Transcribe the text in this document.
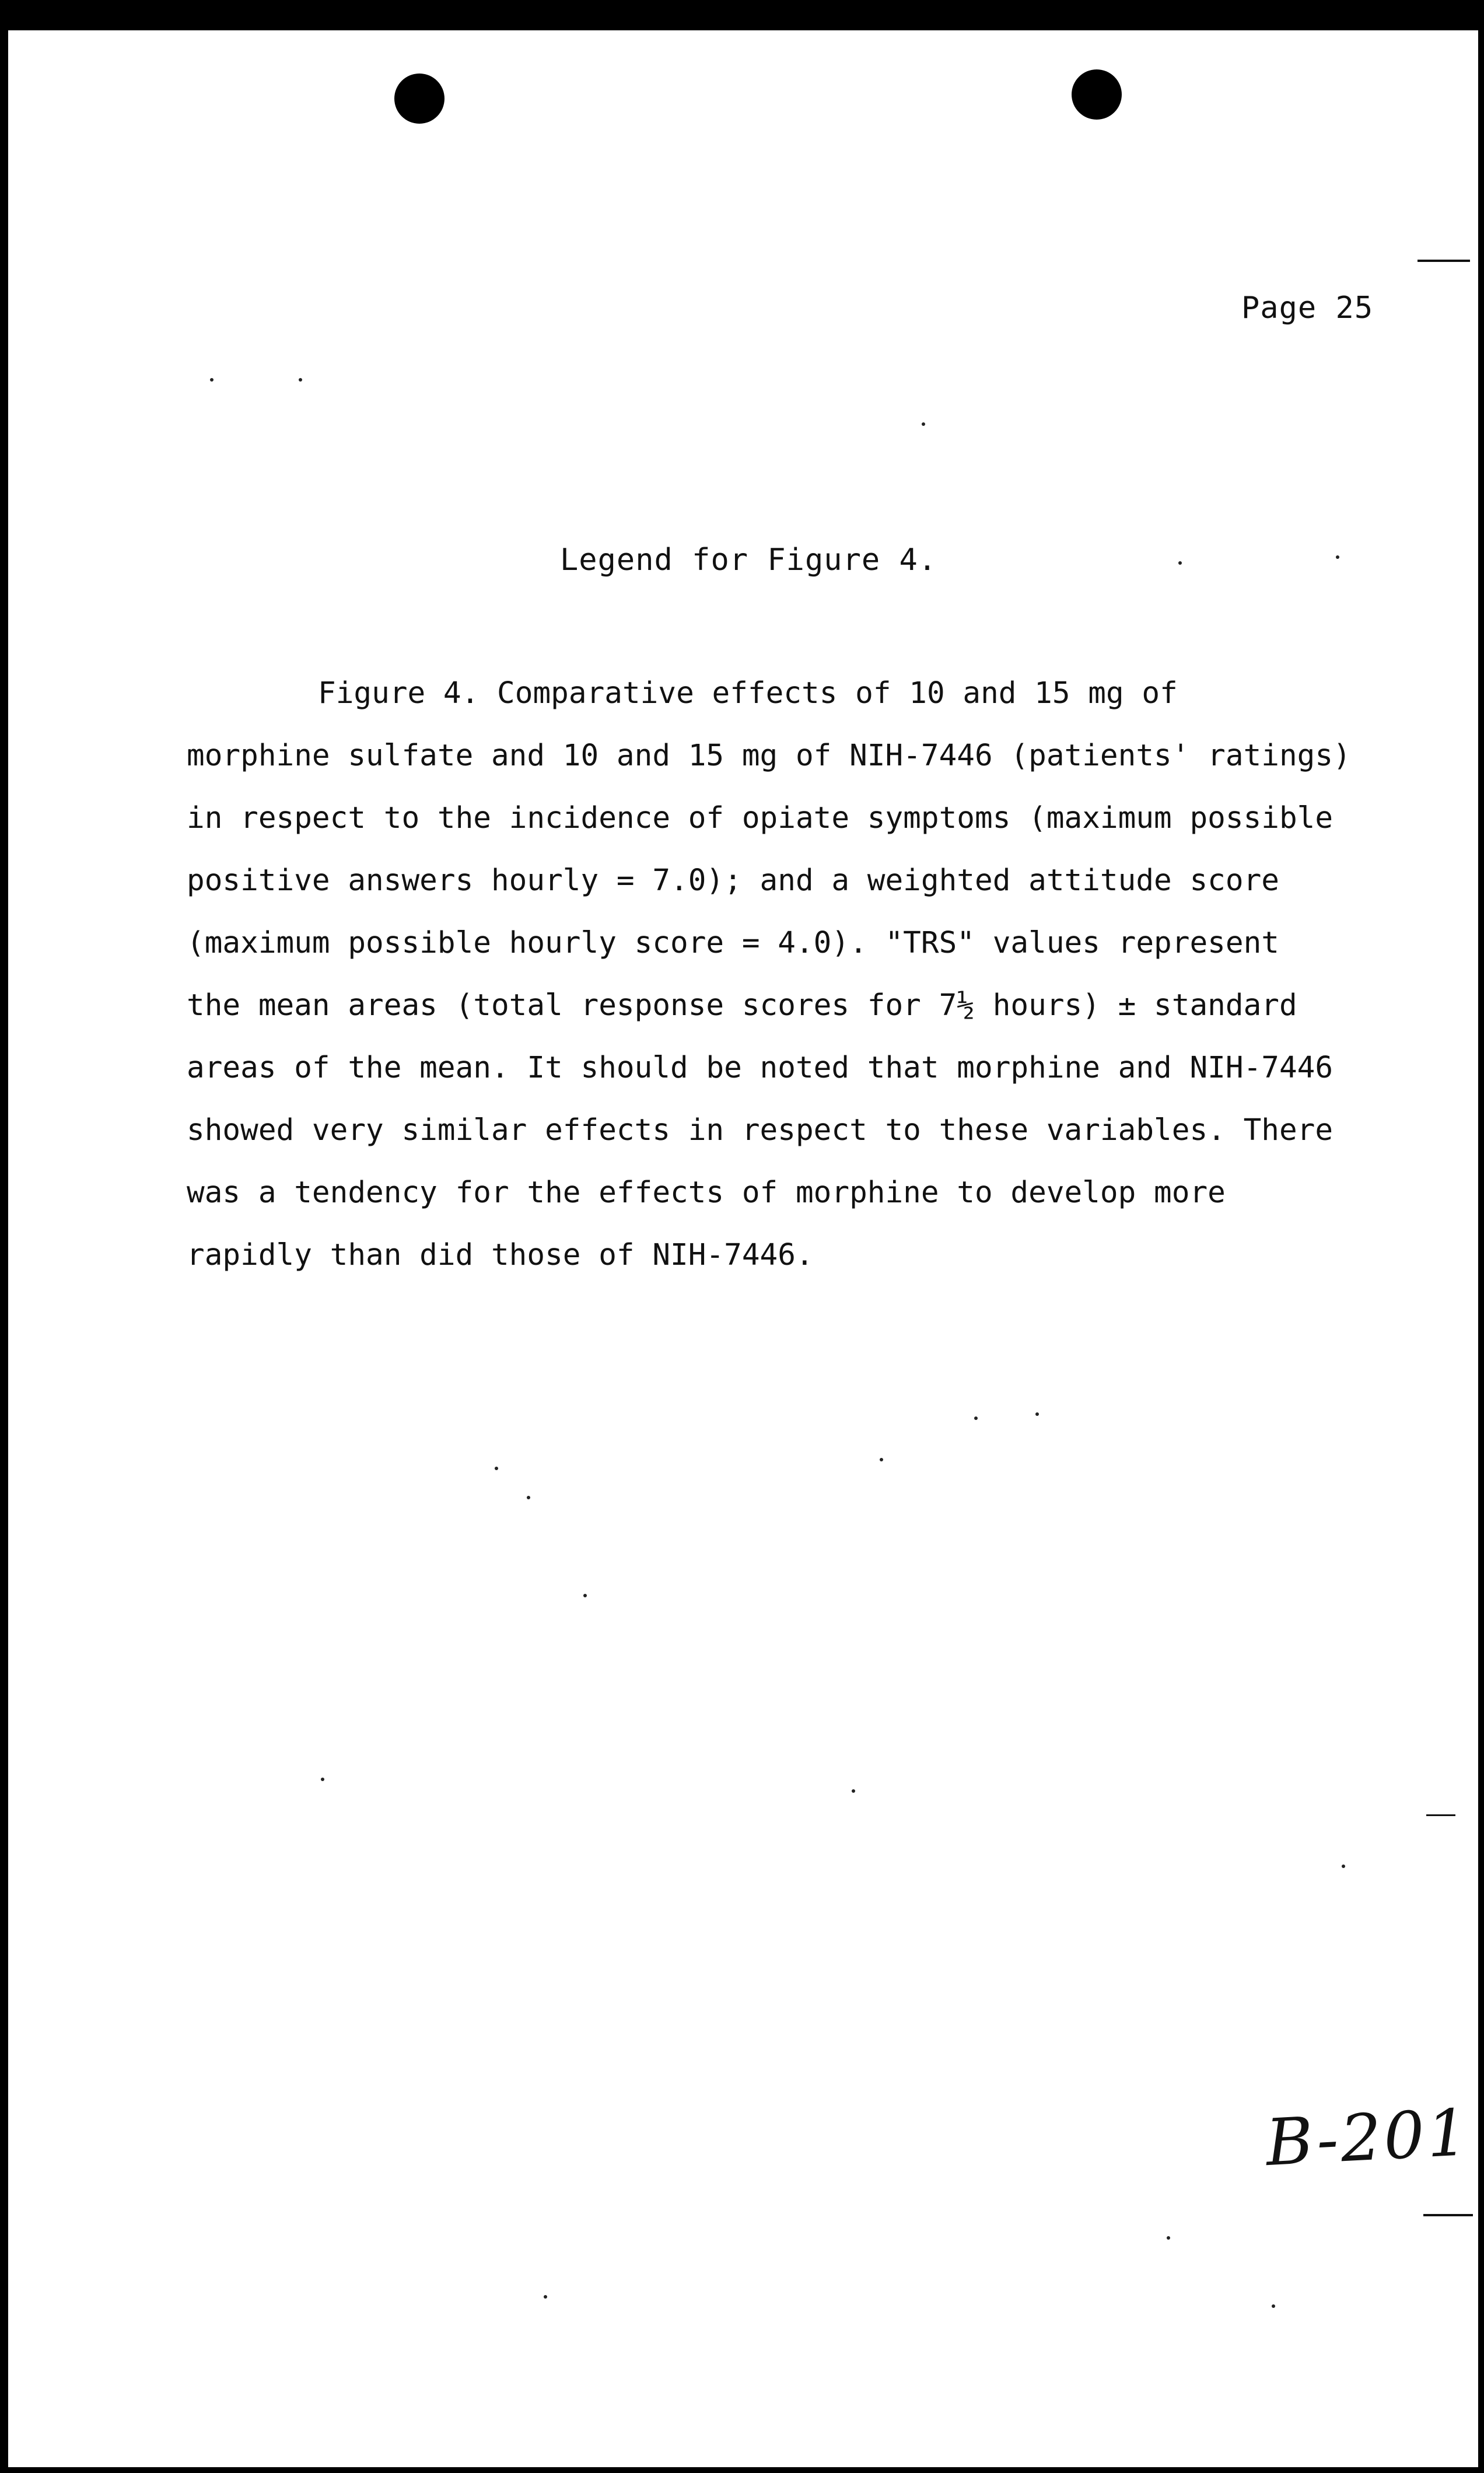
Page 25
Legend for Figure 4.
Figure 4. Comparative effects of 10 and 15 mg of
morphine sulfate and 10 and 15 mg of NIH-7446 (patients' ratings)
in respect to the incidence of opiate symptoms (maximum possible
positive answers hourly = 7.0); and a weighted attitude score
(maximum possible hourly score = 4.0). "TRS" values represent
the mean areas (total response scores for 7½ hours) ± standard
areas of the mean. It should be noted that morphine and NIH-7446
showed very similar effects in respect to these variables. There
was a tendency for the effects of morphine to develop more
rapidly than did those of NIH-7446.
B-201
